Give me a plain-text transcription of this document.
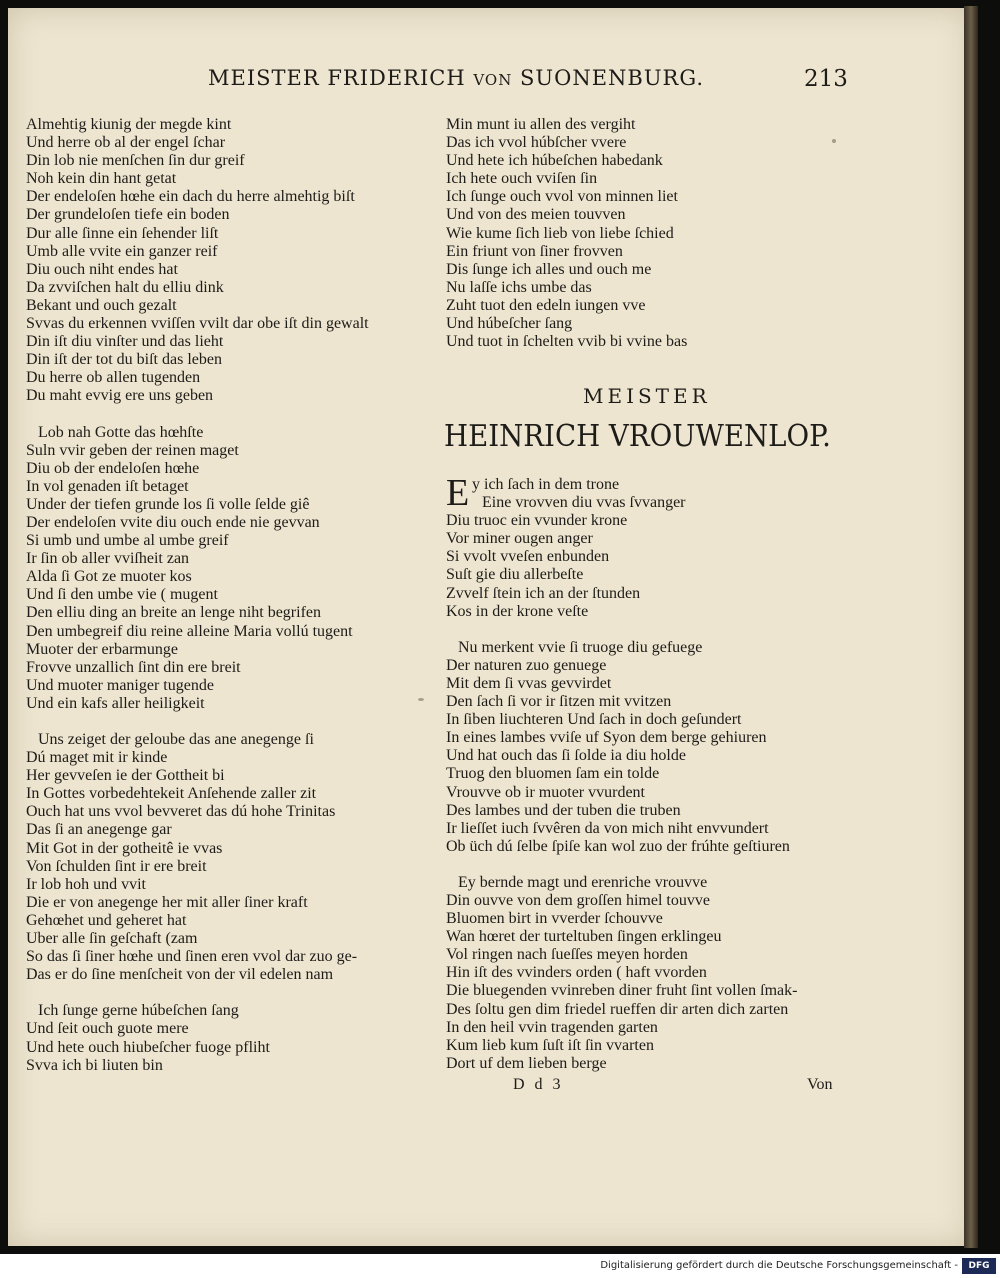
MEISTER FRIDERICH VON SUONENBURG.	213
Almehtig kiunig der megde kint
Und herre ob al der engel ſchar
Din lob nie menſchen ſin dur greif
Noh kein din hant getat
Der endeloſen hœhe ein dach du herre almehtig biſt
Der grundeloſen tiefe ein boden
Dur alle ſinne ein ſehender liſt
Umb alle vvite ein ganzer reif
Diu ouch niht endes hat
Da zvviſchen halt du elliu dink
Bekant und ouch gezalt
Svvas du erkennen vviſſen vvilt dar obe iſt din gewalt
Din iſt diu vinſter und das lieht
Din iſt der tot du biſt das leben
Du herre ob allen tugenden
Du maht evvig ere uns geben
Lob nah Gotte das hœhſte
Suln vvir geben der reinen maget
Diu ob der endeloſen hœhe
In vol genaden iſt betaget
Under der tiefen grunde los ſi volle ſelde giê
Der endeloſen vvite diu ouch ende nie gevvan
Si umb und umbe al umbe greif
Ir ſin ob aller vviſheit zan
Alda ſi Got ze muoter kos
Und ſi den umbe vie ( mugent
Den elliu ding an breite an lenge niht begrifen
Den umbegreif diu reine alleine Maria vollú tugent
Muoter der erbarmunge
Frovve unzallich ſint din ere breit
Und muoter maniger tugende
Und ein kafs aller heiligkeit
Uns zeiget der geloube das ane anegenge ſi
Dú maget mit ir kinde
Her gevveſen ie der Gottheit bi
In Gottes vorbedehtekeit Anſehende zaller zit
Ouch hat uns vvol bevveret das dú hohe Trinitas
Das ſi an anegenge gar
Mit Got in der gotheitê ie vvas
Von ſchulden ſint ir ere breit
Ir lob hoh und vvit
Die er von anegenge her mit aller ſiner kraft
Gehœhet und geheret hat
Uber alle ſin geſchaft (zam
So das ſi ſiner hœhe und ſinen eren vvol dar zuo ge-
Das er do ſine menſcheit von der vil edelen nam
Ich ſunge gerne húbeſchen ſang
Und ſeit ouch guote mere
Und hete ouch hiubeſcher fuoge pfliht
Svva ich bi liuten bin
Min munt iu allen des vergiht
Das ich vvol húbſcher vvere
Und hete ich húbeſchen habedank
Ich hete ouch vviſen ſin
Ich ſunge ouch vvol von minnen liet
Und von des meien touvven
Wie kume ſich lieb von liebe ſchied
Ein friunt von ſiner frovven
Dis ſunge ich alles und ouch me
Nu laſſe ichs umbe das
Zuht tuot den edeln iungen vve
Und húbeſcher ſang
Und tuot in ſchelten vvib bi vvine bas
MEISTER
HEINRICH VROUWENLOP.
E y ich ſach in dem trone
Eine vrovven diu vvas ſvvanger
Diu truoc ein vvunder krone
Vor miner ougen anger
Si vvolt vveſen enbunden
Suſt gie diu allerbeſte
Zvvelf ſtein ich an der ſtunden
Kos in der krone veſte
Nu merkent vvie ſi truoge diu gefuege
Der naturen zuo genuege
Mit dem ſi vvas gevvirdet
Den ſach ſi vor ir ſitzen mit vvitzen
In ſiben liuchteren Und ſach in doch geſundert
In eines lambes vviſe uf Syon dem berge gehiuren
Und hat ouch das ſi ſolde ia diu holde
Truog den bluomen ſam ein tolde
Vrouvve ob ir muoter vvurdent
Des lambes und der tuben die truben
Ir lieſſet iuch ſvvêren da von mich niht envvundert
Ob üch dú ſelbe ſpiſe kan wol zuo der frúhte geſtiuren
Ey bernde magt und erenriche vrouvve
Din ouvve von dem groſſen himel touvve
Bluomen birt in vverder ſchouvve
Wan hœret der turteltuben ſingen erklingeu
Vol ringen nach ſueſſes meyen horden
Hin iſt des vvinders orden ( haft vvorden
Die bluegenden vvinreben diner fruht ſint vollen ſmak-
Des ſoltu gen dim friedel rueffen dir arten dich zarten
In den heil vvin tragenden garten
Kum lieb kum ſuſt iſt ſin vvarten
Dort uf dem lieben berge
D d 3	Von
Digitalisierung gefördert durch die Deutsche Forschungsgemeinschaft -	DFG
